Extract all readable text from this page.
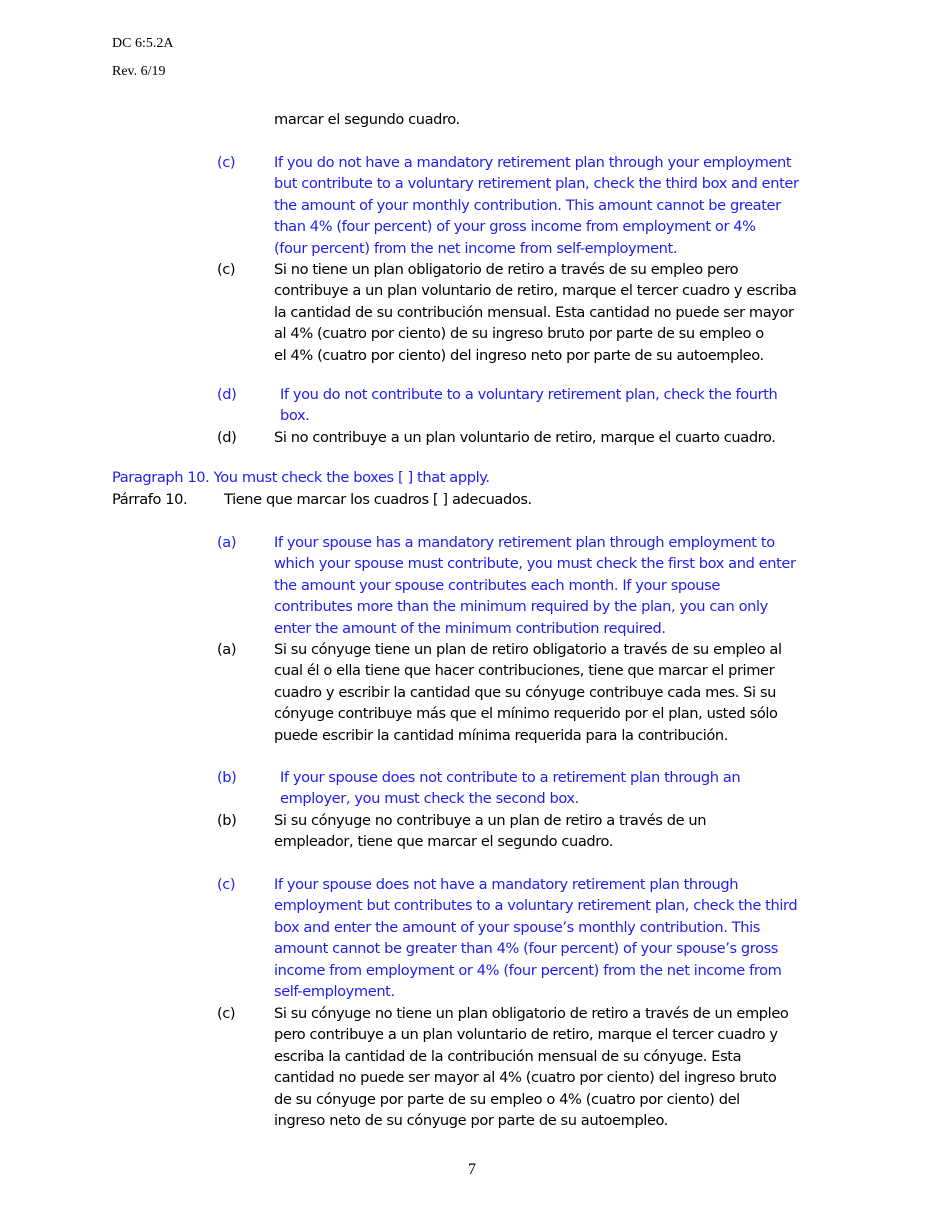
DC 6:5.2A
Rev. 6/19
marcar el segundo cuadro.
(c)	If you do not have a mandatory retirement plan through your employment
but contribute to a voluntary retirement plan, check the third box and enter
the amount of your monthly contribution. This amount cannot be greater
than 4% (four percent) of your gross income from employment or 4%
(four percent) from the net income from self-employment.
(c)	Si no tiene un plan obligatorio de retiro a través de su empleo pero
contribuye a un plan voluntario de retiro, marque el tercer cuadro y escriba
la cantidad de su contribución mensual. Esta cantidad no puede ser mayor
al 4% (cuatro por ciento) de su ingreso bruto por parte de su empleo o
el 4% (cuatro por ciento) del ingreso neto por parte de su autoempleo.
(d)	If you do not contribute to a voluntary retirement plan, check the fourth
box.
(d)	Si no contribuye a un plan voluntario de retiro, marque el cuarto cuadro.
Paragraph 10. You must check the boxes [ ] that apply.
Párrafo 10.	Tiene que marcar los cuadros [ ] adecuados.
(a)	If your spouse has a mandatory retirement plan through employment to
which your spouse must contribute, you must check the first box and enter
the amount your spouse contributes each month. If your spouse
contributes more than the minimum required by the plan, you can only
enter the amount of the minimum contribution required.
(a)	Si su cónyuge tiene un plan de retiro obligatorio a través de su empleo al
cual él o ella tiene que hacer contribuciones, tiene que marcar el primer
cuadro y escribir la cantidad que su cónyuge contribuye cada mes. Si su
cónyuge contribuye más que el mínimo requerido por el plan, usted sólo
puede escribir la cantidad mínima requerida para la contribución.
(b)	If your spouse does not contribute to a retirement plan through an
employer, you must check the second box.
(b)	Si su cónyuge no contribuye a un plan de retiro a través de un
empleador, tiene que marcar el segundo cuadro.
(c)	If your spouse does not have a mandatory retirement plan through
employment but contributes to a voluntary retirement plan, check the third
box and enter the amount of your spouse’s monthly contribution. This
amount cannot be greater than 4% (four percent) of your spouse’s gross
income from employment or 4% (four percent) from the net income from
self-employment.
(c)	Si su cónyuge no tiene un plan obligatorio de retiro a través de un empleo
pero contribuye a un plan voluntario de retiro, marque el tercer cuadro y
escriba la cantidad de la contribución mensual de su cónyuge. Esta
cantidad no puede ser mayor al 4% (cuatro por ciento) del ingreso bruto
de su cónyuge por parte de su empleo o 4% (cuatro por ciento) del
ingreso neto de su cónyuge por parte de su autoempleo.
7
